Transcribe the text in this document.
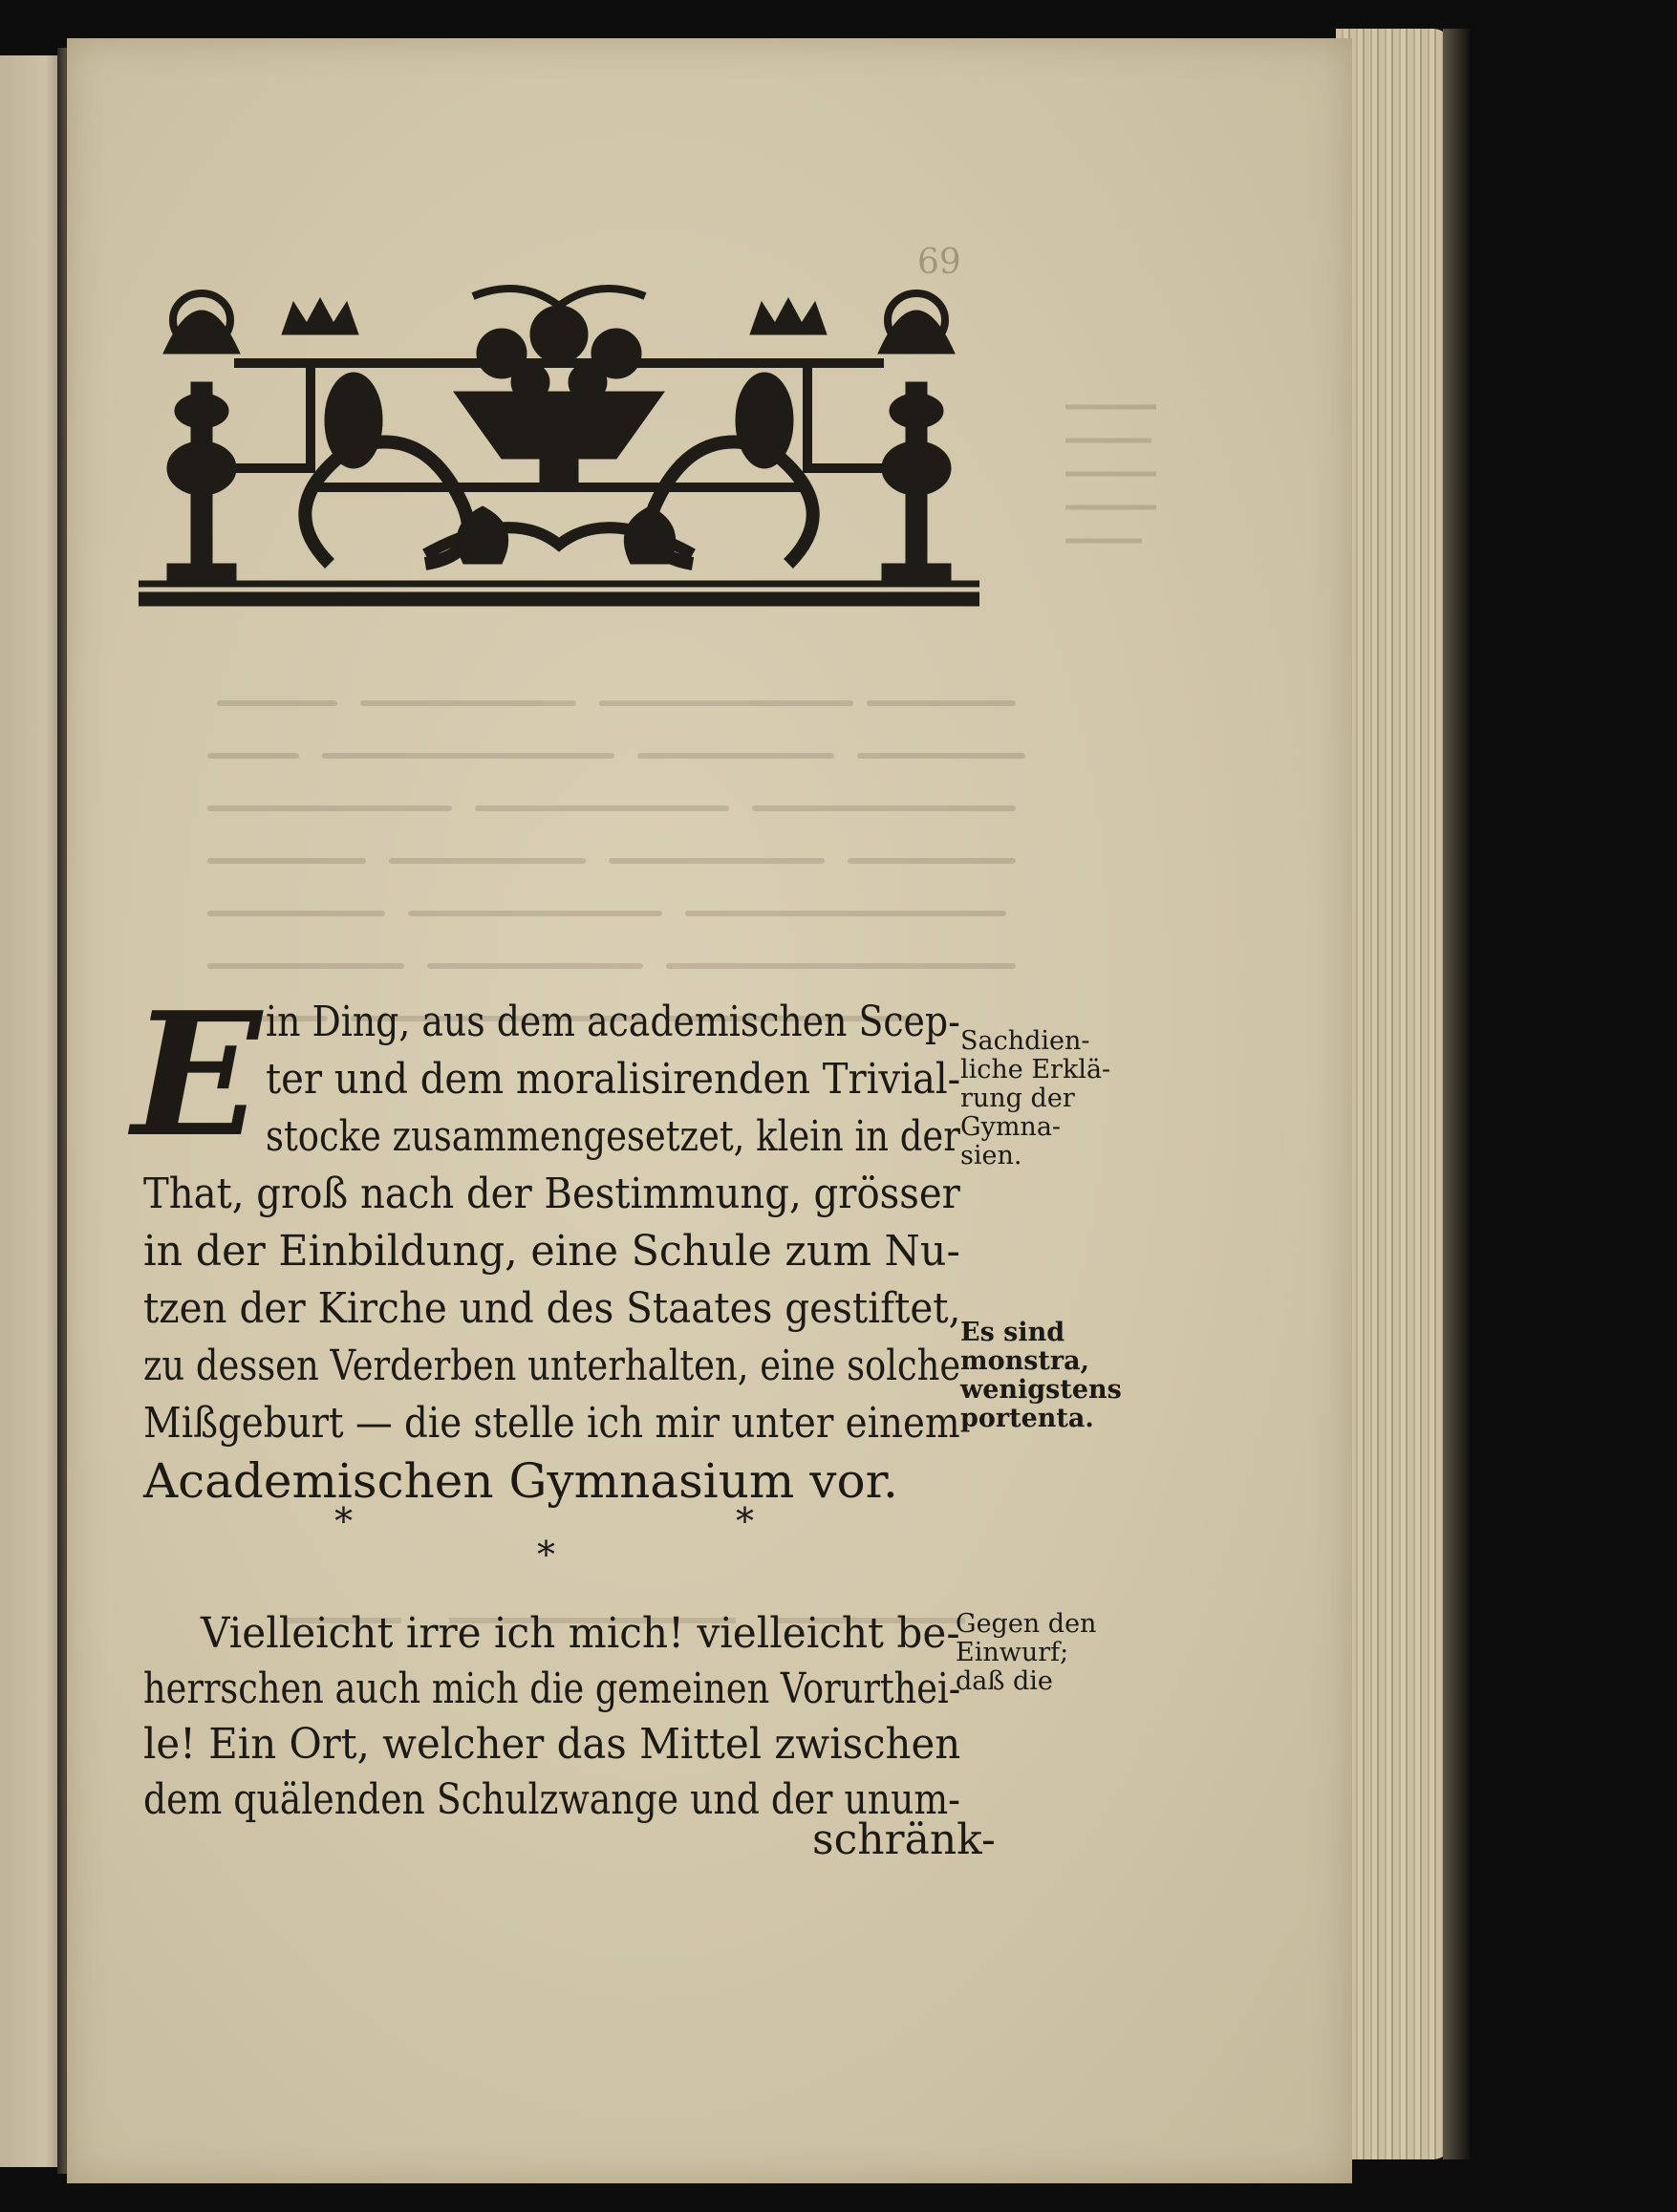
69
E in Ding, aus dem academischen Scep-
ter und dem moralisirenden Trivial-
stocke zusammengesetzet, klein in der
That, groß nach der Bestimmung, grösser
in der Einbildung, eine Schule zum Nu-
tzen der Kirche und des Staates gestiftet,
zu dessen Verderben unterhalten, eine solche
Mißgeburt — die stelle ich mir unter einem
Academischen Gymnasium vor.
Sachdien-
liche Erklä-
rung der
Gymna-
sien.
Es sind
monstra,
wenigstens
portenta.
Gegen den
Einwurf;
daß die
*
*
*
Vielleicht irre ich mich! vielleicht be-
herrschen auch mich die gemeinen Vorurthei-
le! Ein Ort, welcher das Mittel zwischen
dem quälenden Schulzwange und der unum-
schränk-
